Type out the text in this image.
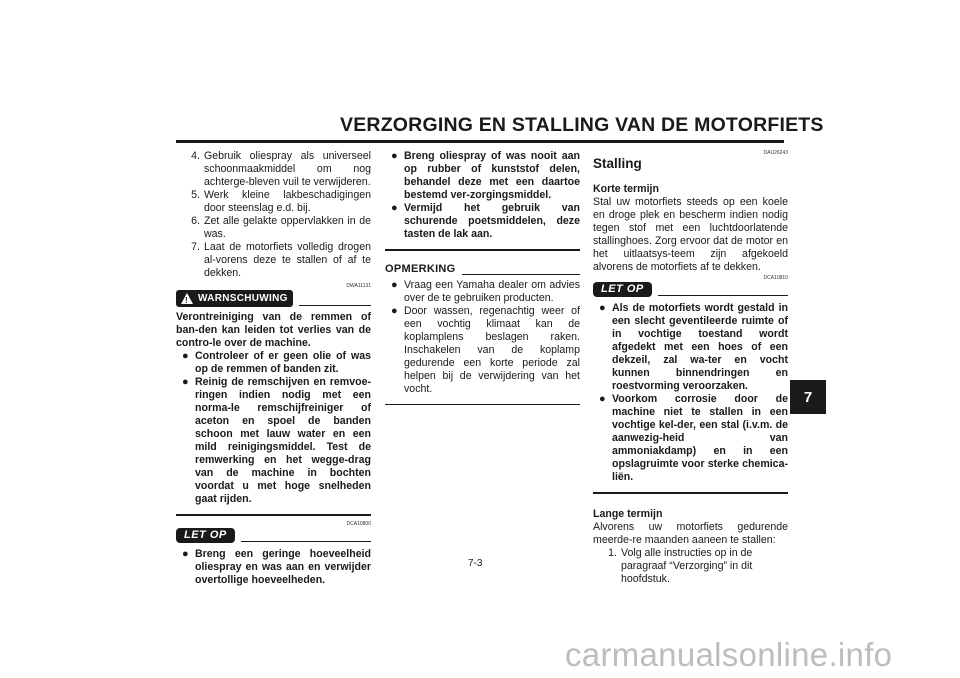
VERZORGING EN STALLING VAN DE MOTORFIETS
4. Gebruik oliespray als universeel schoonmaakmiddel om nog achterge-bleven vuil te verwijderen.
5. Werk kleine lakbeschadigingen door steenslag e.d. bij.
6. Zet alle gelakte oppervlakken in de was.
7. Laat de motorfiets volledig drogen al-vorens deze te stallen of af te dekken.
DWA11131
! WARNSCHUWING
Verontreiniging van de remmen of ban-den kan leiden tot verlies van de contro-le over de machine.
● Controleer of er geen olie of was op de remmen of banden zit.
● Reinig de remschijven en remvoe-ringen indien nodig met een norma-le remschijfreiniger of aceton en spoel de banden schoon met lauw water en een mild reinigingsmiddel. Test de remwerking en het wegge-drag van de machine in bochten voordat u met hoge snelheden gaat rijden.
DCA10800
LET OP
● Breng een geringe hoeveelheid oliespray en was aan en verwijder overtollige hoeveelheden.
● Breng oliespray of was nooit aan op rubber of kunststof delen, behandel deze met een daartoe bestemd ver-zorgingsmiddel.
● Vermijd het gebruik van schurende poetsmiddelen, deze tasten de lak aan.
OPMERKING
● Vraag een Yamaha dealer om advies over de te gebruiken producten.
● Door wassen, regenachtig weer of een vochtig klimaat kan de koplamplens beslagen raken. Inschakelen van de koplamp gedurende een korte periode zal helpen bij de verwijdering van het vocht.
DAU26243
Stalling
Korte termijn
Stal uw motorfiets steeds op een koele en droge plek en bescherm indien nodig tegen stof met een luchtdoorlatende stallinghoes. Zorg ervoor dat de motor en het uitlaatsys-teem zijn afgekoeld alvorens de motorfiets af te dekken.
DCA10810
LET OP
● Als de motorfiets wordt gestald in een slecht geventileerde ruimte of in vochtige toestand wordt afgedekt met een hoes of een dekzeil, zal wa-ter en vocht kunnen binnendringen en roestvorming veroorzaken.
● Voorkom corrosie door de machine niet te stallen in een vochtige kel-der, een stal (i.v.m. de aanwezig-heid van ammoniakdamp) en in een opslagruimte voor sterke chemica-liën.
Lange termijn
Alvorens uw motorfiets gedurende meerde-re maanden aaneen te stallen:
1. Volg alle instructies op in de paragraaf “Verzorging” in dit hoofdstuk.
7-3
7
carmanualsonline.info
